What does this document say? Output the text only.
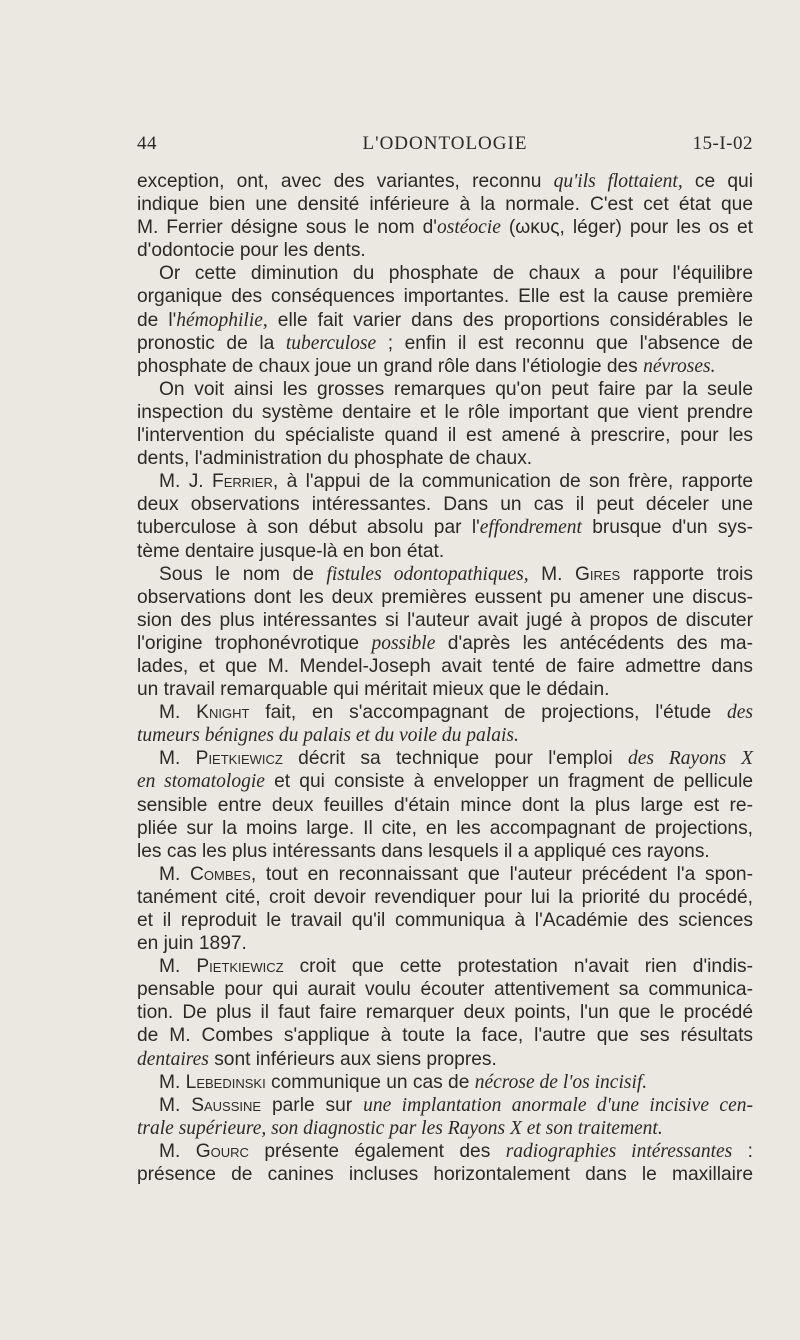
44	L'ODONTOLOGIE	15-I-02
exception, ont, avec des variantes, reconnu qu'ils flottaient, ce qui
indique bien une densité inférieure à la normale. C'est cet état que
M. Ferrier désigne sous le nom d'ostéocie (ωκυς, léger) pour les os et
d'odontocie pour les dents.
Or cette diminution du phosphate de chaux a pour l'équilibre
organique des conséquences importantes. Elle est la cause première
de l'hémophilie, elle fait varier dans des proportions considérables le
pronostic de la tuberculose ; enfin il est reconnu que l'absence de
phosphate de chaux joue un grand rôle dans l'étiologie des névroses.
On voit ainsi les grosses remarques qu'on peut faire par la seule
inspection du système dentaire et le rôle important que vient prendre
l'intervention du spécialiste quand il est amené à prescrire, pour les
dents, l'administration du phosphate de chaux.
M. J. Ferrier, à l'appui de la communication de son frère, rapporte
deux observations intéressantes. Dans un cas il peut déceler une
tuberculose à son début absolu par l'effondrement brusque d'un sys-
tème dentaire jusque-là en bon état.
Sous le nom de fistules odontopathiques, M. Gires rapporte trois
observations dont les deux premières eussent pu amener une discus-
sion des plus intéressantes si l'auteur avait jugé à propos de discuter
l'origine trophonévrotique possible d'après les antécédents des ma-
lades, et que M. Mendel-Joseph avait tenté de faire admettre dans
un travail remarquable qui méritait mieux que le dédain.
M. Knight fait, en s'accompagnant de projections, l'étude des
tumeurs bénignes du palais et du voile du palais.
M. Pietkiewicz décrit sa technique pour l'emploi des Rayons X
en stomatologie et qui consiste à envelopper un fragment de pellicule
sensible entre deux feuilles d'étain mince dont la plus large est re-
pliée sur la moins large. Il cite, en les accompagnant de projections,
les cas les plus intéressants dans lesquels il a appliqué ces rayons.
M. Combes, tout en reconnaissant que l'auteur précédent l'a spon-
tanément cité, croit devoir revendiquer pour lui la priorité du procédé,
et il reproduit le travail qu'il communiqua à l'Académie des sciences
en juin 1897.
M. Pietkiewicz croit que cette protestation n'avait rien d'indis-
pensable pour qui aurait voulu écouter attentivement sa communica-
tion. De plus il faut faire remarquer deux points, l'un que le procédé
de M. Combes s'applique à toute la face, l'autre que ses résultats
dentaires sont inférieurs aux siens propres.
M. Lebedinski communique un cas de nécrose de l'os incisif.
M. Saussine parle sur une implantation anormale d'une incisive cen-
trale supérieure, son diagnostic par les Rayons X et son traitement.
M. Gourc présente également des radiographies intéressantes :
présence de canines incluses horizontalement dans le maxillaire
